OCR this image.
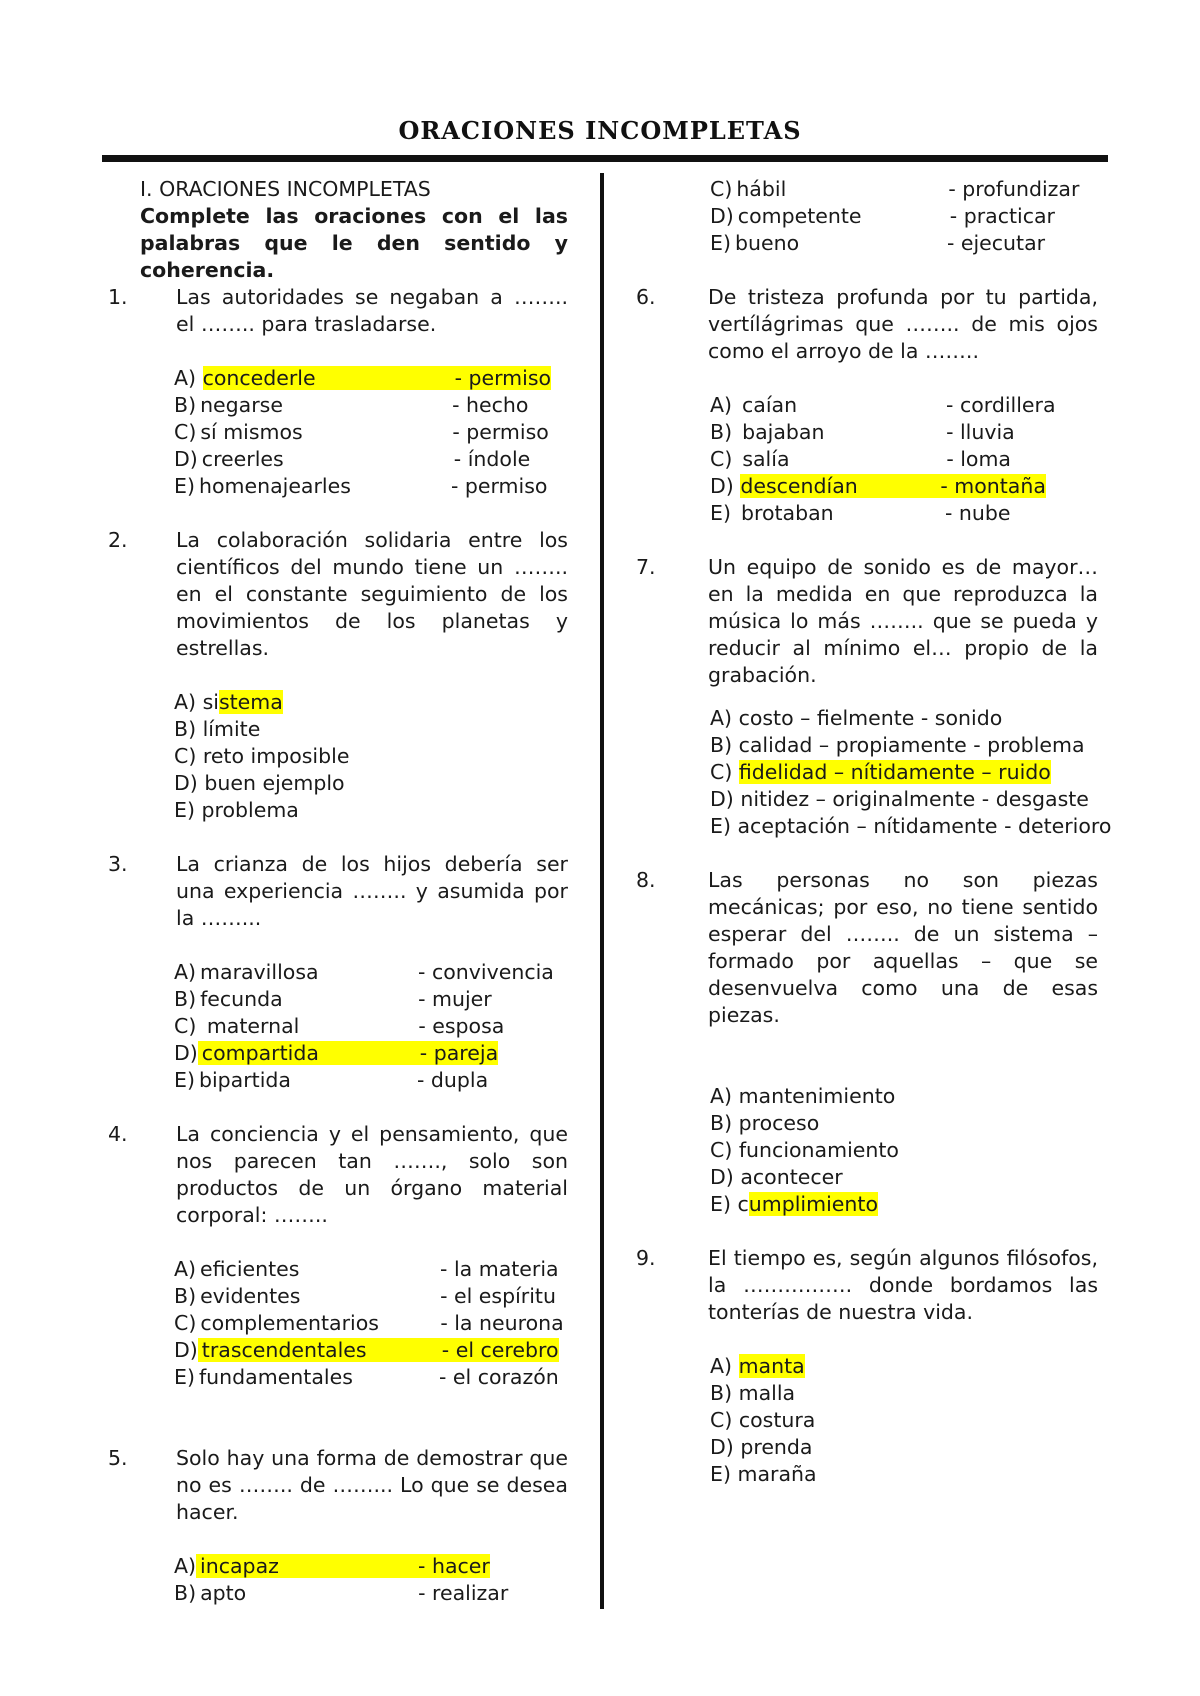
ORACIONES INCOMPLETAS
I. ORACIONES INCOMPLETAS
Complete las oraciones con el las palabras que le den sentido y coherencia.
1.	Las autoridades se negaban a …….. el …….. para trasladarse.
A) concederle	- permiso
B) negarse	- hecho
C) sí mismos	- permiso
D) creerles	- índole
E) homenajearles	- permiso
2.	La colaboración solidaria entre los científicos del mundo tiene un …….. en el constante seguimiento de los movimientos de los planetas y estrellas.
A) sistema
B) límite
C) reto imposible
D) buen ejemplo
E) problema
3.	La crianza de los hijos debería ser una experiencia …….. y asumida por la ……...
A) maravillosa	- convivencia
B) fecunda	- mujer
C) maternal	- esposa
D) compartida	- pareja
E) bipartida	- dupla
4.	La conciencia y el pensamiento, que nos parecen tan ……., solo son productos de un órgano material corporal: ……..
A) eficientes	- la materia
B) evidentes	- el espíritu
C) complementarios	- la neurona
D) trascendentales	- el cerebro
E) fundamentales	- el corazón
5.	Solo hay una forma de demostrar que no es …….. de ……... Lo que se desea hacer.
A) incapaz	- hacer
B) apto	- realizar
C) hábil	- profundizar
D) competente	- practicar
E) bueno	- ejecutar
6.	De tristeza profunda por tu partida, vertílágrimas que …….. de mis ojos como el arroyo de la ……..
A) caían	- cordillera
B) bajaban	- lluvia
C) salía	- loma
D) descendían	- montaña
E) brotaban	- nube
7.	Un equipo de sonido es de mayor… en la medida en que reproduzca la música lo más …….. que se pueda y reducir al mínimo el… propio de la grabación.
A) costo – fielmente - sonido
B) calidad – propiamente - problema
C) fidelidad – nítidamente – ruido
D) nitidez – originalmente - desgaste
E) aceptación – nítidamente - deterioro
8.	Las personas no son piezas mecánicas; por eso, no tiene sentido esperar del …….. de un sistema – formado por aquellas – que se desenvuelva como una de esas piezas.
A) mantenimiento
B) proceso
C) funcionamiento
D) acontecer
E) cumplimiento
9.	El tiempo es, según algunos filósofos, la ……………. donde bordamos las tonterías de nuestra vida.
A) manta
B) malla
C) costura
D) prenda
E) maraña
